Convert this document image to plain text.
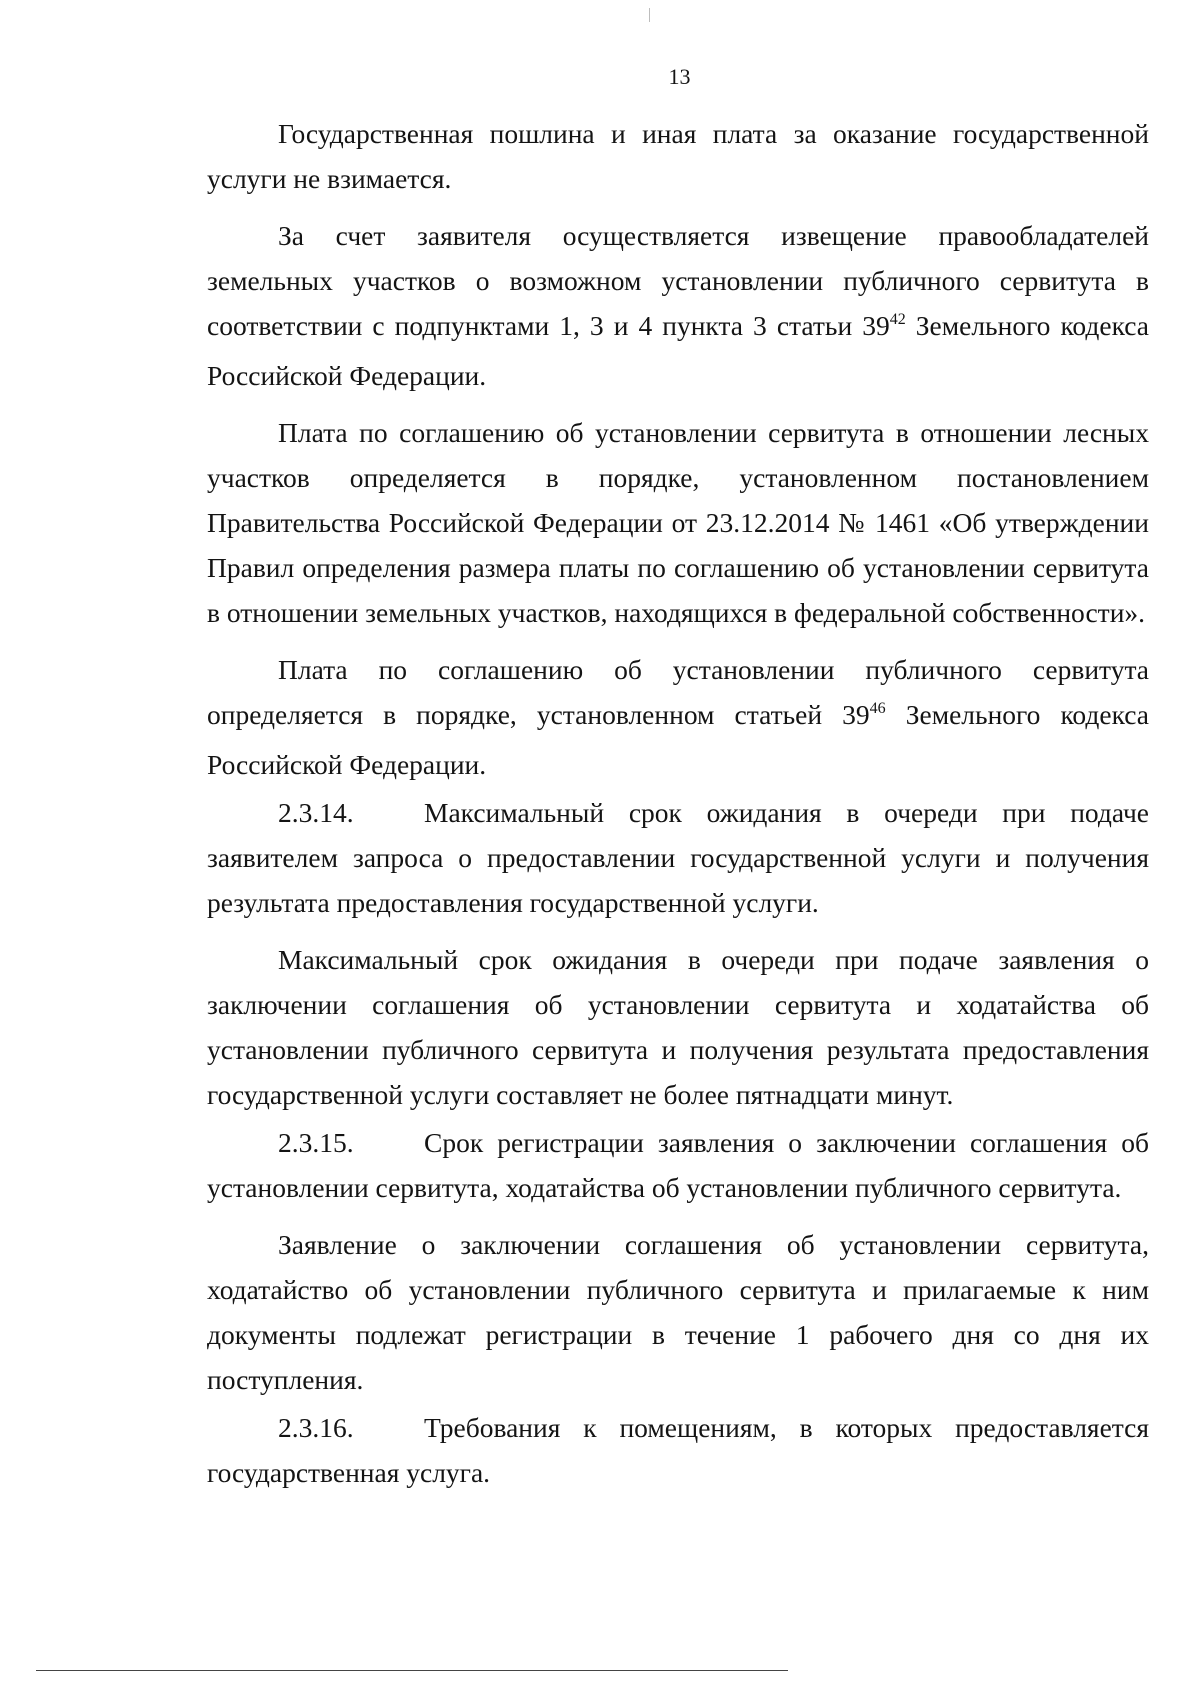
13

Государственная пошлина и иная плата за оказание государственной услуги не взимается.

За счет заявителя осуществляется извещение правообладателей земельных участков о возможном установлении публичного сервитута в соответствии с подпунктами 1, 3 и 4 пункта 3 статьи $39^{42}$ Земельного кодекса Российской Федерации.

Плата по соглашению об установлении сервитута в отношении лесных участков определяется в порядке, установленном постановлением Правительства Российской Федерации от 23.12.2014 № 1461 «Об утверждении Правил определения размера платы по соглашению об установлении сервитута в отношении земельных участков, находящихся в федеральной собственности».

Плата по соглашению об установлении публичного сервитута определяется в порядке, установленном статьей $39^{46}$ Земельного кодекса Российской Федерации.

2.3.14.	Максимальный срок ожидания в очереди при подаче заявителем запроса о предоставлении государственной услуги и получения результата предоставления государственной услуги.

Максимальный срок ожидания в очереди при подаче заявления о заключении соглашения об установлении сервитута и ходатайства об установлении публичного сервитута и получения результата предоставления государственной услуги составляет не более пятнадцати минут.

2.3.15.	Срок регистрации заявления о заключении соглашения об установлении сервитута, ходатайства об установлении публичного сервитута.

Заявление о заключении соглашения об установлении сервитута, ходатайство об установлении публичного сервитута и прилагаемые к ним документы подлежат регистрации в течение 1 рабочего дня со дня их поступления.

2.3.16.	Требования к помещениям, в которых предоставляется государственная услуга.
